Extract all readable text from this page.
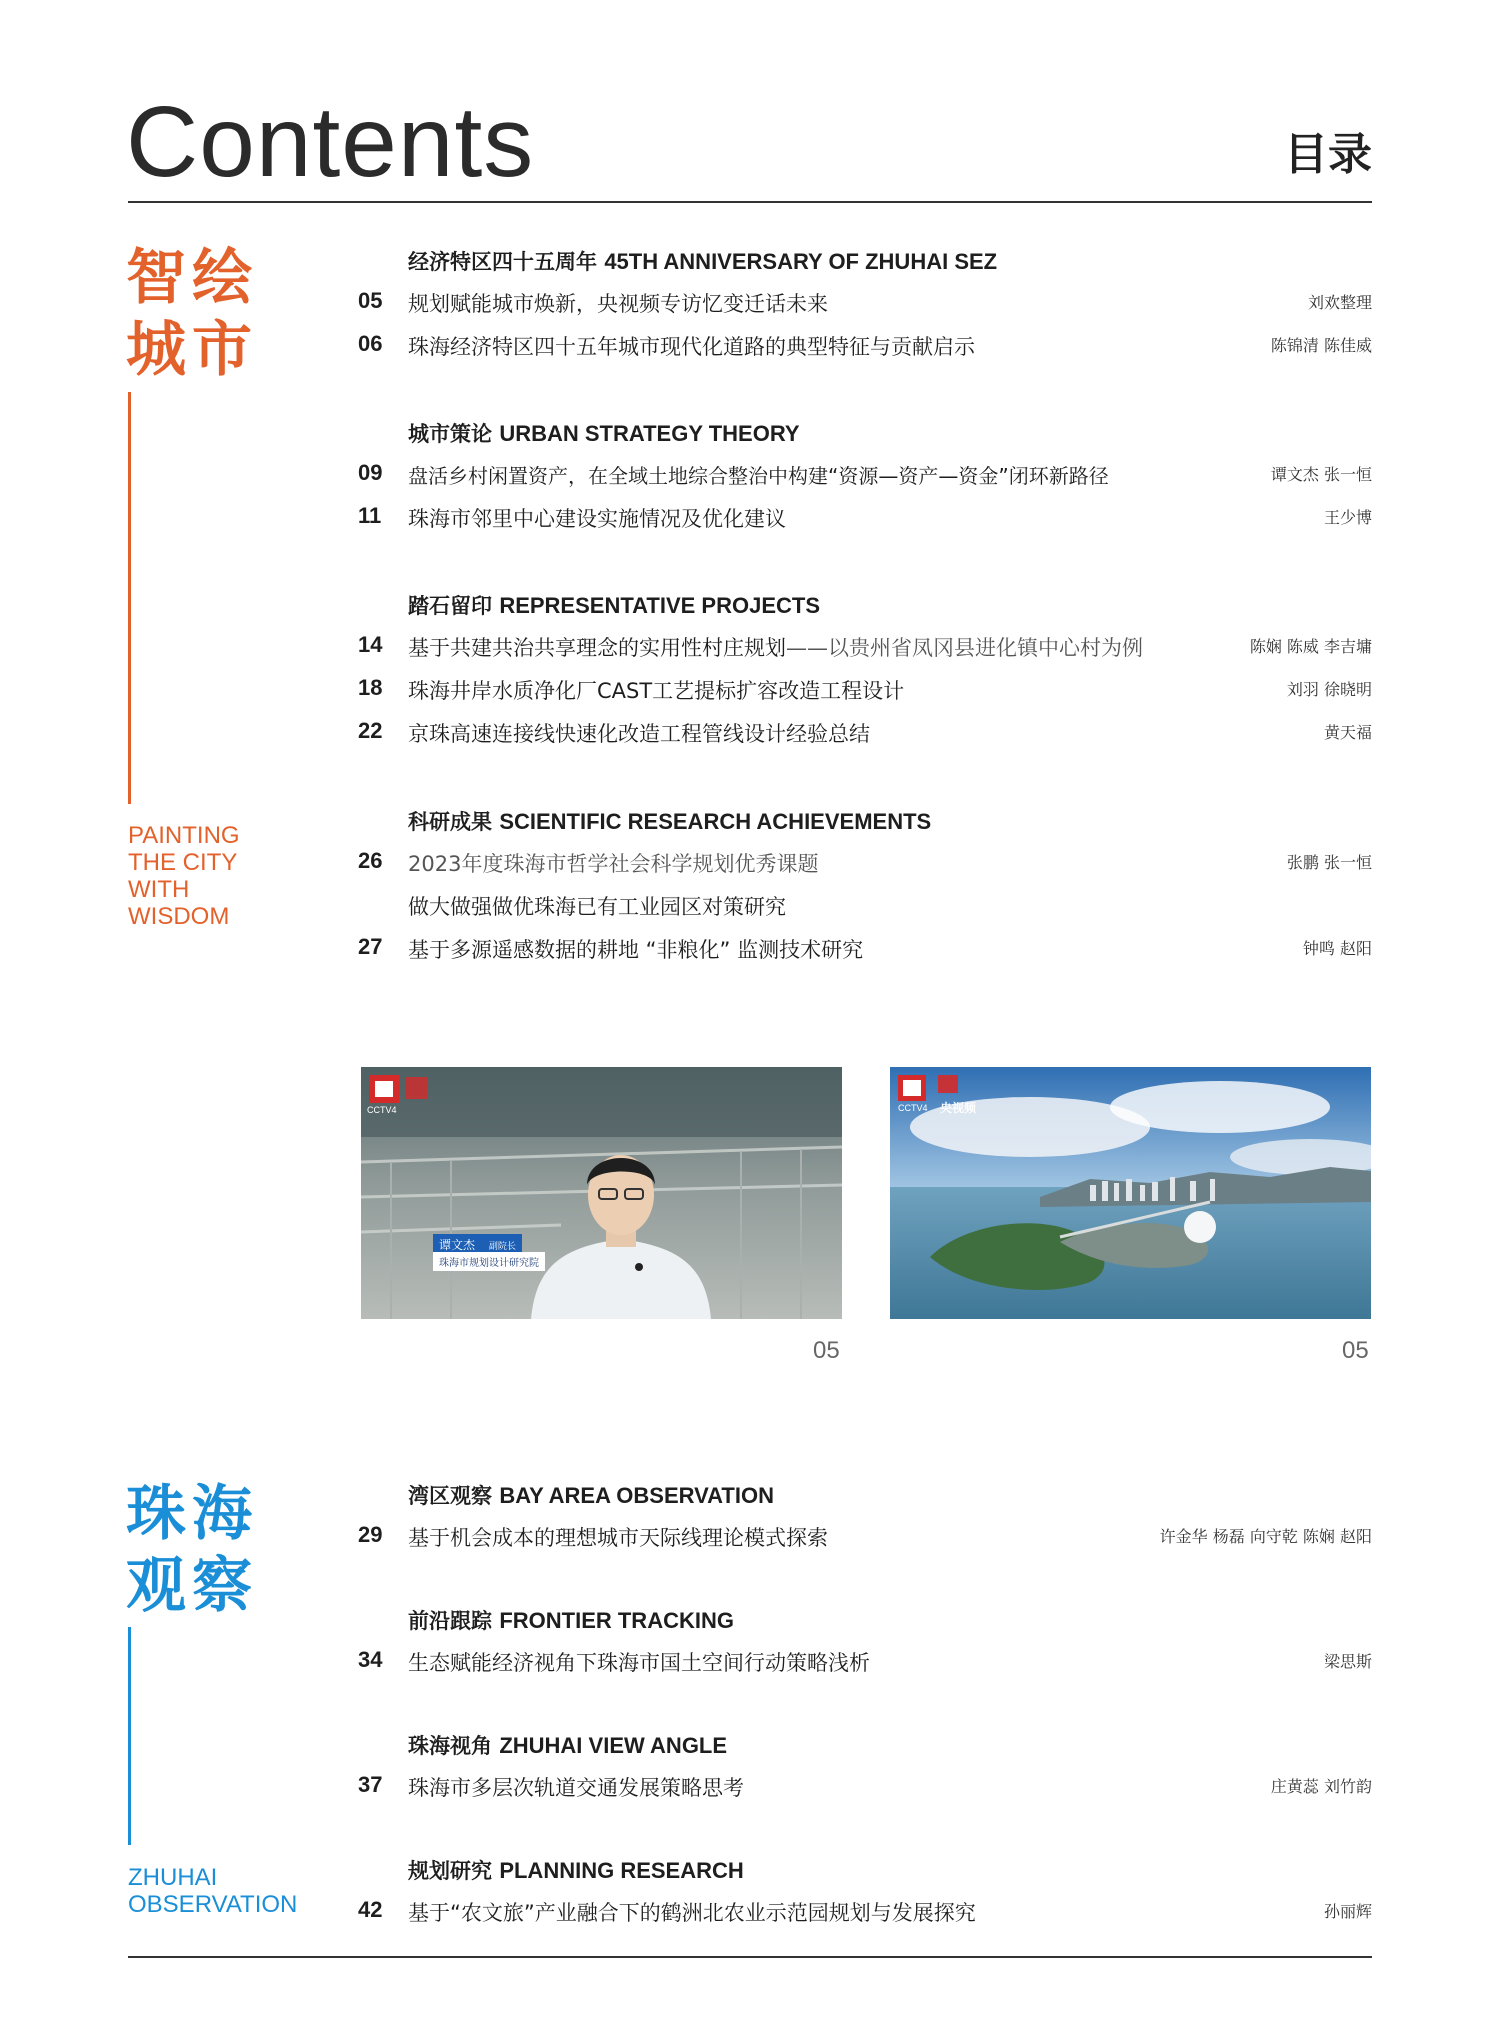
Contents	目录
智绘
城市
PAINTING
THE CITY
WITH
WISDOM
经济特区四十五周年 45TH ANNIVERSARY OF ZHUHAI SEZ
05	规划赋能城市焕新，央视频专访忆变迁话未来	刘欢整理
06	珠海经济特区四十五年城市现代化道路的典型特征与贡献启示	陈锦清 陈佳威
城市策论 URBAN STRATEGY THEORY
09	盘活乡村闲置资产，在全域土地综合整治中构建“资源—资产—资金”闭环新路径	谭文杰 张一恒
11	珠海市邻里中心建设实施情况及优化建议	王少博
踏石留印 REPRESENTATIVE PROJECTS
14	基于共建共治共享理念的实用性村庄规划——以贵州省凤冈县进化镇中心村为例	陈娴 陈威 李吉墉
18	珠海井岸水质净化厂CAST工艺提标扩容改造工程设计	刘羽 徐晓明
22	京珠高速连接线快速化改造工程管线设计经验总结	黄天福
科研成果 SCIENTIFIC RESEARCH ACHIEVEMENTS
26	2023年度珠海市哲学社会科学规划优秀课题	张鹏 张一恒
做大做强做优珠海已有工业园区对策研究
27	基于多源遥感数据的耕地 “非粮化” 监测技术研究	钟鸣 赵阳
CCTV4
谭文杰 副院长
珠海市规划设计研究院
05
CCTV4 央视频
05
珠海
观察
ZHUHAI
OBSERVATION
湾区观察 BAY AREA OBSERVATION
29	基于机会成本的理想城市天际线理论模式探索	许金华 杨磊 向守乾 陈娴 赵阳
前沿跟踪 FRONTIER TRACKING
34	生态赋能经济视角下珠海市国土空间行动策略浅析	梁思斯
珠海视角 ZHUHAI VIEW ANGLE
37	珠海市多层次轨道交通发展策略思考	庄黄蕊 刘竹韵
规划研究 PLANNING RESEARCH
42	基于“农文旅”产业融合下的鹤洲北农业示范园规划与发展探究	孙丽辉
